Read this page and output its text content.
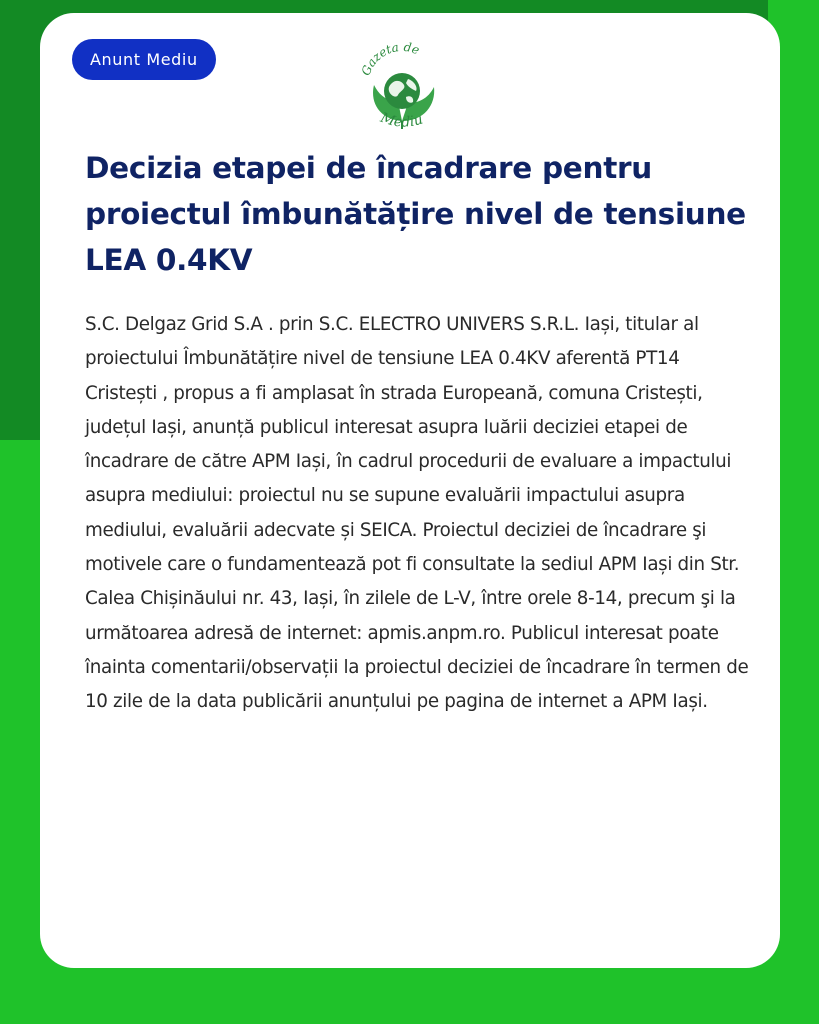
Anunt Mediu
Gazeta de
Mediu
Decizia etapei de încadrare pentru proiectul îmbunătățire nivel de tensiune LEA 0.4KV

S.C. Delgaz Grid S.A . prin S.C. ELECTRO UNIVERS S.R.L. Iași, titular al proiectului Îmbunătățire nivel de tensiune LEA 0.4KV aferentă PT14 Cristești , propus a fi amplasat în strada Europeană, comuna Cristești, județul Iași, anunță publicul interesat asupra luării deciziei etapei de încadrare de către APM Iași, în cadrul procedurii de evaluare a impactului asupra mediului: proiectul nu se supune evaluării impactului asupra mediului, evaluării adecvate și SEICA. Proiectul deciziei de încadrare şi motivele care o fundamentează pot fi consultate la sediul APM Iași din Str. Calea Chișinăului nr. 43, Iași, în zilele de L-V, între orele 8-14, precum şi la următoarea adresă de internet: apmis.anpm.ro. Publicul interesat poate înainta comentarii/observații la proiectul deciziei de încadrare în termen de 10 zile de la data publicării anunțului pe pagina de internet a APM Iași.
